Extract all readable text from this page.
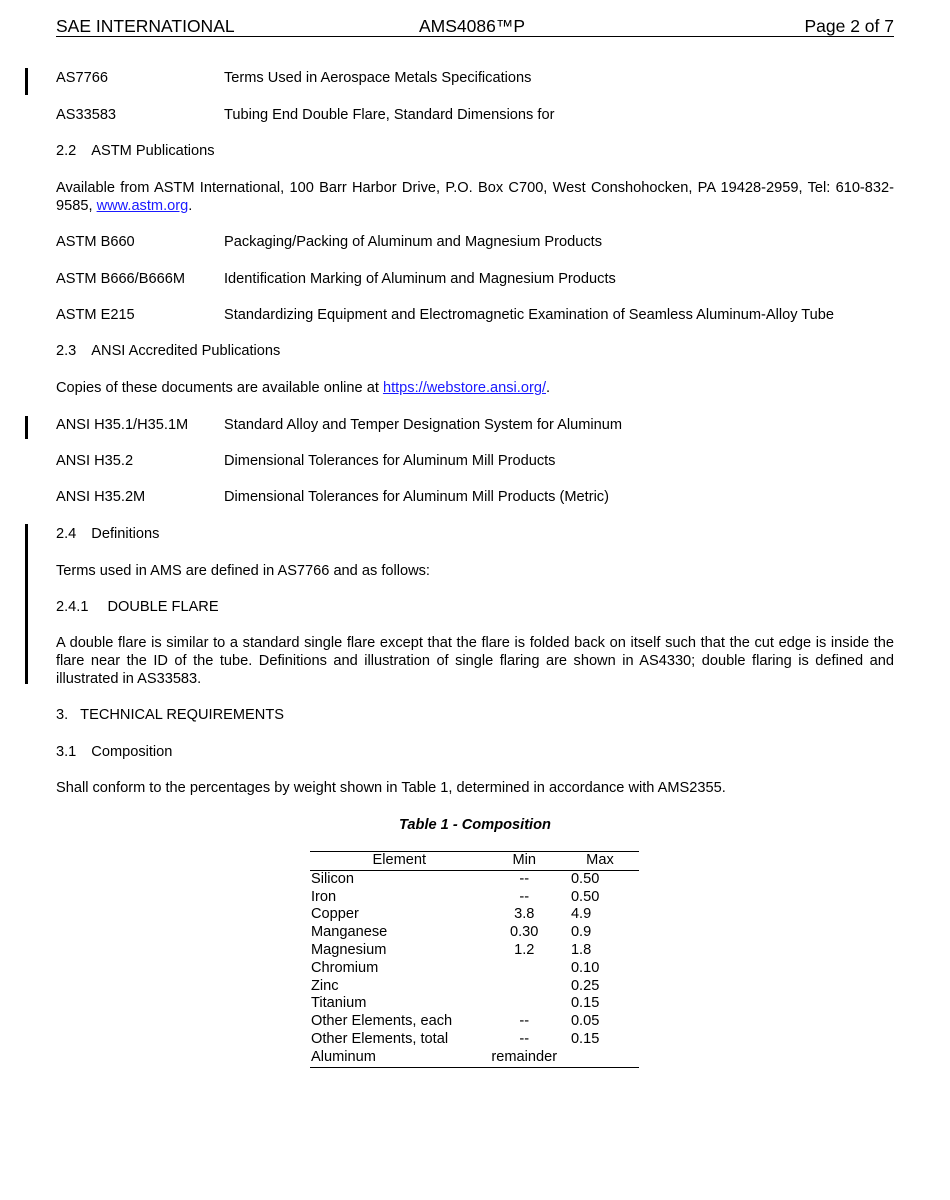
SAE INTERNATIONAL	AMS4086™P	Page 2 of 7
AS7766	Terms Used in Aerospace Metals Specifications
AS33583	Tubing End Double Flare, Standard Dimensions for
2.2 ASTM Publications
Available from ASTM International, 100 Barr Harbor Drive, P.O. Box C700, West Conshohocken, PA 19428-2959, Tel: 610-832-9585, www.astm.org.
ASTM B660	Packaging/Packing of Aluminum and Magnesium Products
ASTM B666/B666M	Identification Marking of Aluminum and Magnesium Products
ASTM E215	Standardizing Equipment and Electromagnetic Examination of Seamless Aluminum-Alloy Tube
2.3 ANSI Accredited Publications
Copies of these documents are available online at https://webstore.ansi.org/.
ANSI H35.1/H35.1M Standard Alloy and Temper Designation System for Aluminum
ANSI H35.2	Dimensional Tolerances for Aluminum Mill Products
ANSI H35.2M	Dimensional Tolerances for Aluminum Mill Products (Metric)
2.4 Definitions
Terms used in AMS are defined in AS7766 and as follows:
2.4.1 DOUBLE FLARE
A double flare is similar to a standard single flare except that the flare is folded back on itself such that the cut edge is inside the flare near the ID of the tube. Definitions and illustration of single flaring are shown in AS4330; double flaring is defined and illustrated in AS33583.
3. TECHNICAL REQUIREMENTS
3.1 Composition
Shall conform to the percentages by weight shown in Table 1, determined in accordance with AMS2355.
Table 1 - Composition
Element	Min	Max
Silicon	--	0.50
Iron	--	0.50
Copper	3.8	4.9
Manganese	0.30	0.9
Magnesium	1.2	1.8
Chromium		0.10
Zinc		0.25
Titanium		0.15
Other Elements, each	--	0.05
Other Elements, total	--	0.15
Aluminum	remainder	
